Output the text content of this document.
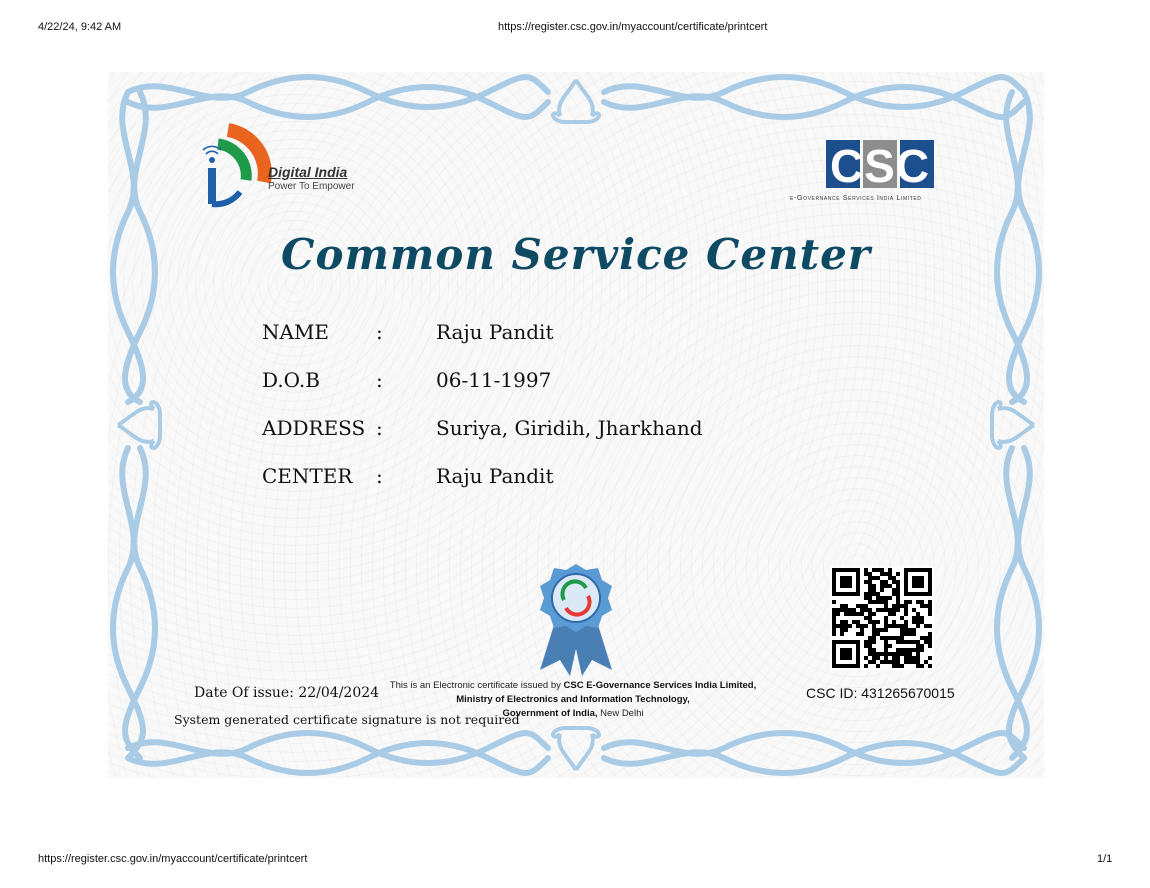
4/22/24, 9:42 AM	https://register.csc.gov.in/myaccount/certificate/printcert
CSC
Digital India
Power To Empower
e-Governance Services India Limited
Common Service Center
NAME	:	Raju Pandit
D.O.B	:	06-11-1997
ADDRESS :	Suriya, Giridih, Jharkhand
CENTER	:	Raju Pandit
Date Of issue: 22/04/2024
System generated certificate signature is not required
This is an Electronic certificate issued by CSC E-Governance Services India Limited,
Ministry of Electronics and Information Technology,
Government of India, New Delhi
CSC ID: 431265670015
https://register.csc.gov.in/myaccount/certificate/printcert	1/1
